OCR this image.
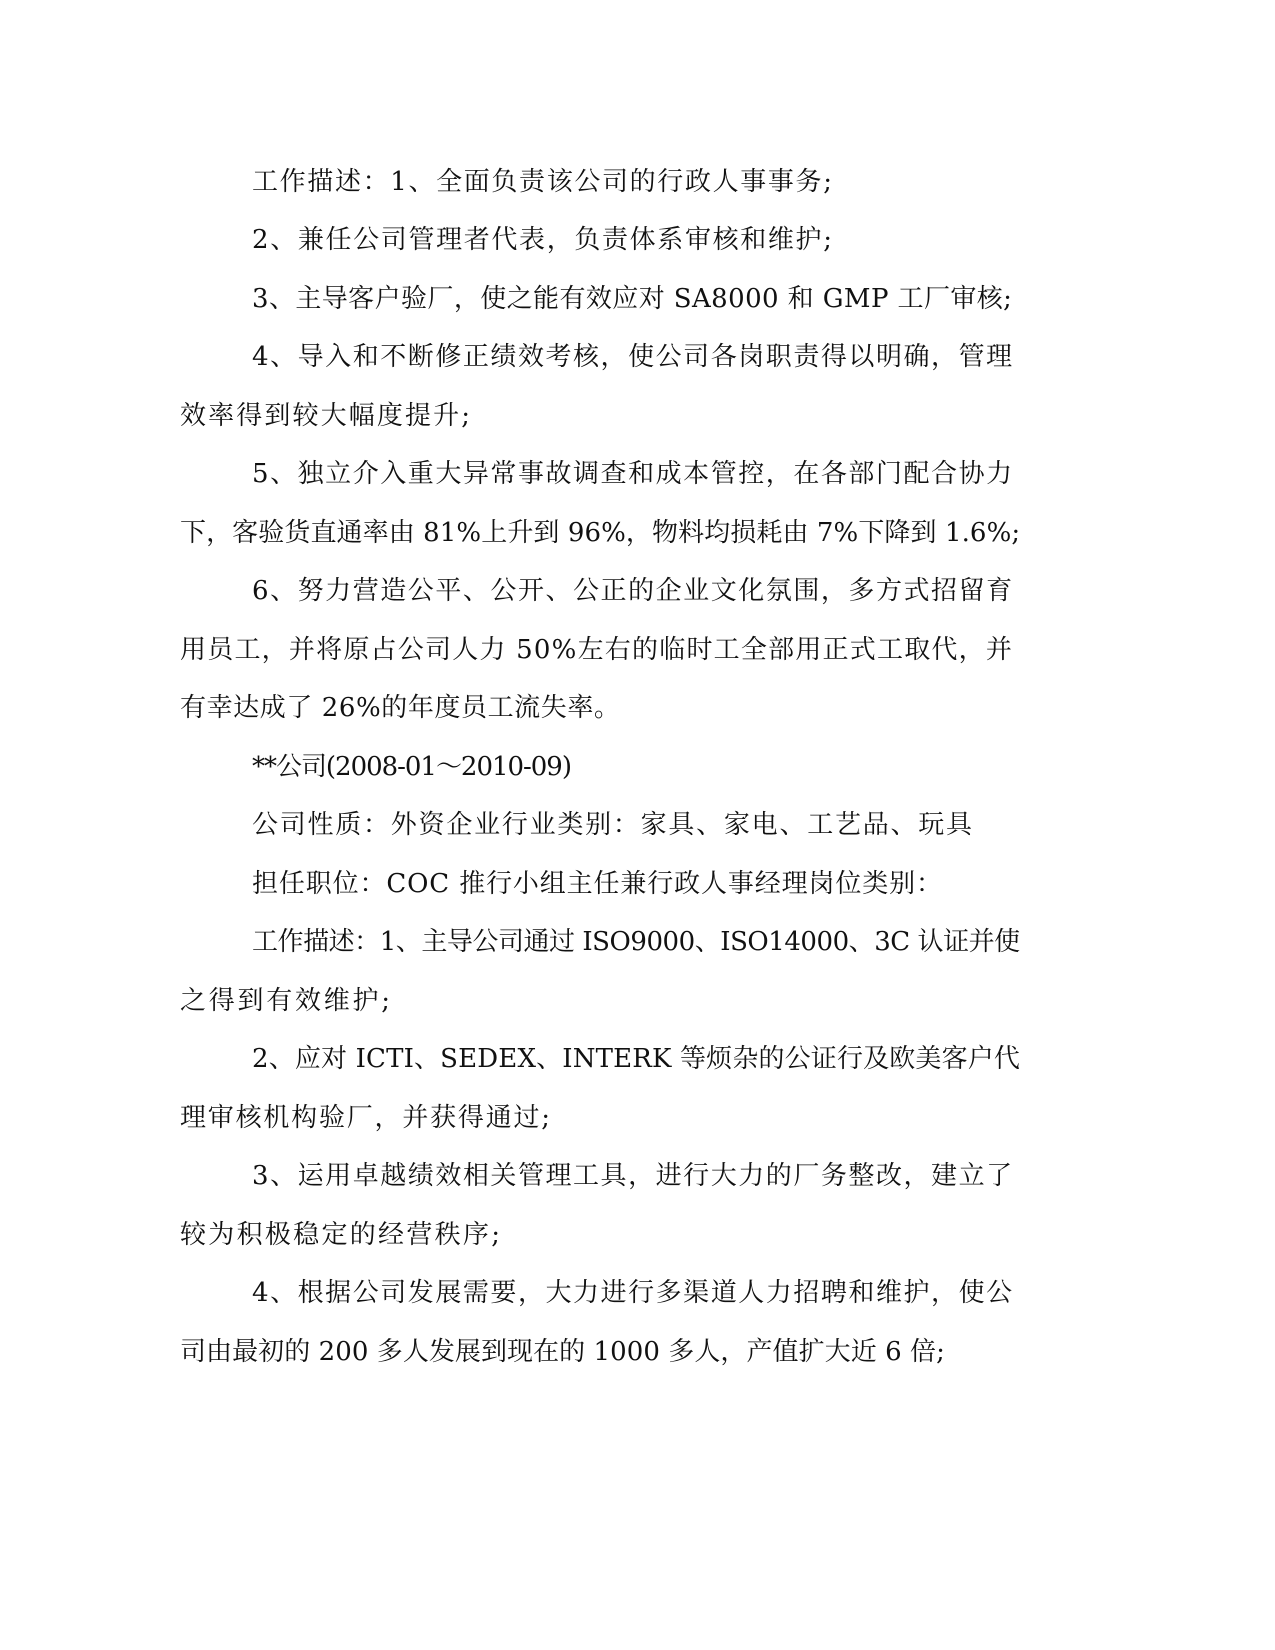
工作描述：1、全面负责该公司的行政人事事务;

2、兼任公司管理者代表，负责体系审核和维护;

3、主导客户验厂，使之能有效应对 SA8000 和 GMP 工厂审核;

4、导入和不断修正绩效考核，使公司各岗职责得以明确，管理

效率得到较大幅度提升;

5、独立介入重大异常事故调查和成本管控，在各部门配合协力

下，客验货直通率由 81%上升到 96%，物料均损耗由 7%下降到 1.6%;

6、努力营造公平、公开、公正的企业文化氛围，多方式招留育

用员工，并将原占公司人力 50%左右的临时工全部用正式工取代，并

有幸达成了 26%的年度员工流失率。

**公司(2008-01～2010-09)

公司性质：外资企业行业类别：家具、家电、工艺品、玩具

担任职位：COC 推行小组主任兼行政人事经理岗位类别：

工作描述：1、主导公司通过 ISO9000、ISO14000、3C 认证并使

之得到有效维护;

2、应对 ICTI、SEDEX、INTERK 等烦杂的公证行及欧美客户代

理审核机构验厂，并获得通过;

3、运用卓越绩效相关管理工具，进行大力的厂务整改，建立了

较为积极稳定的经营秩序;

4、根据公司发展需要，大力进行多渠道人力招聘和维护，使公

司由最初的 200 多人发展到现在的 1000 多人，产值扩大近 6 倍;
